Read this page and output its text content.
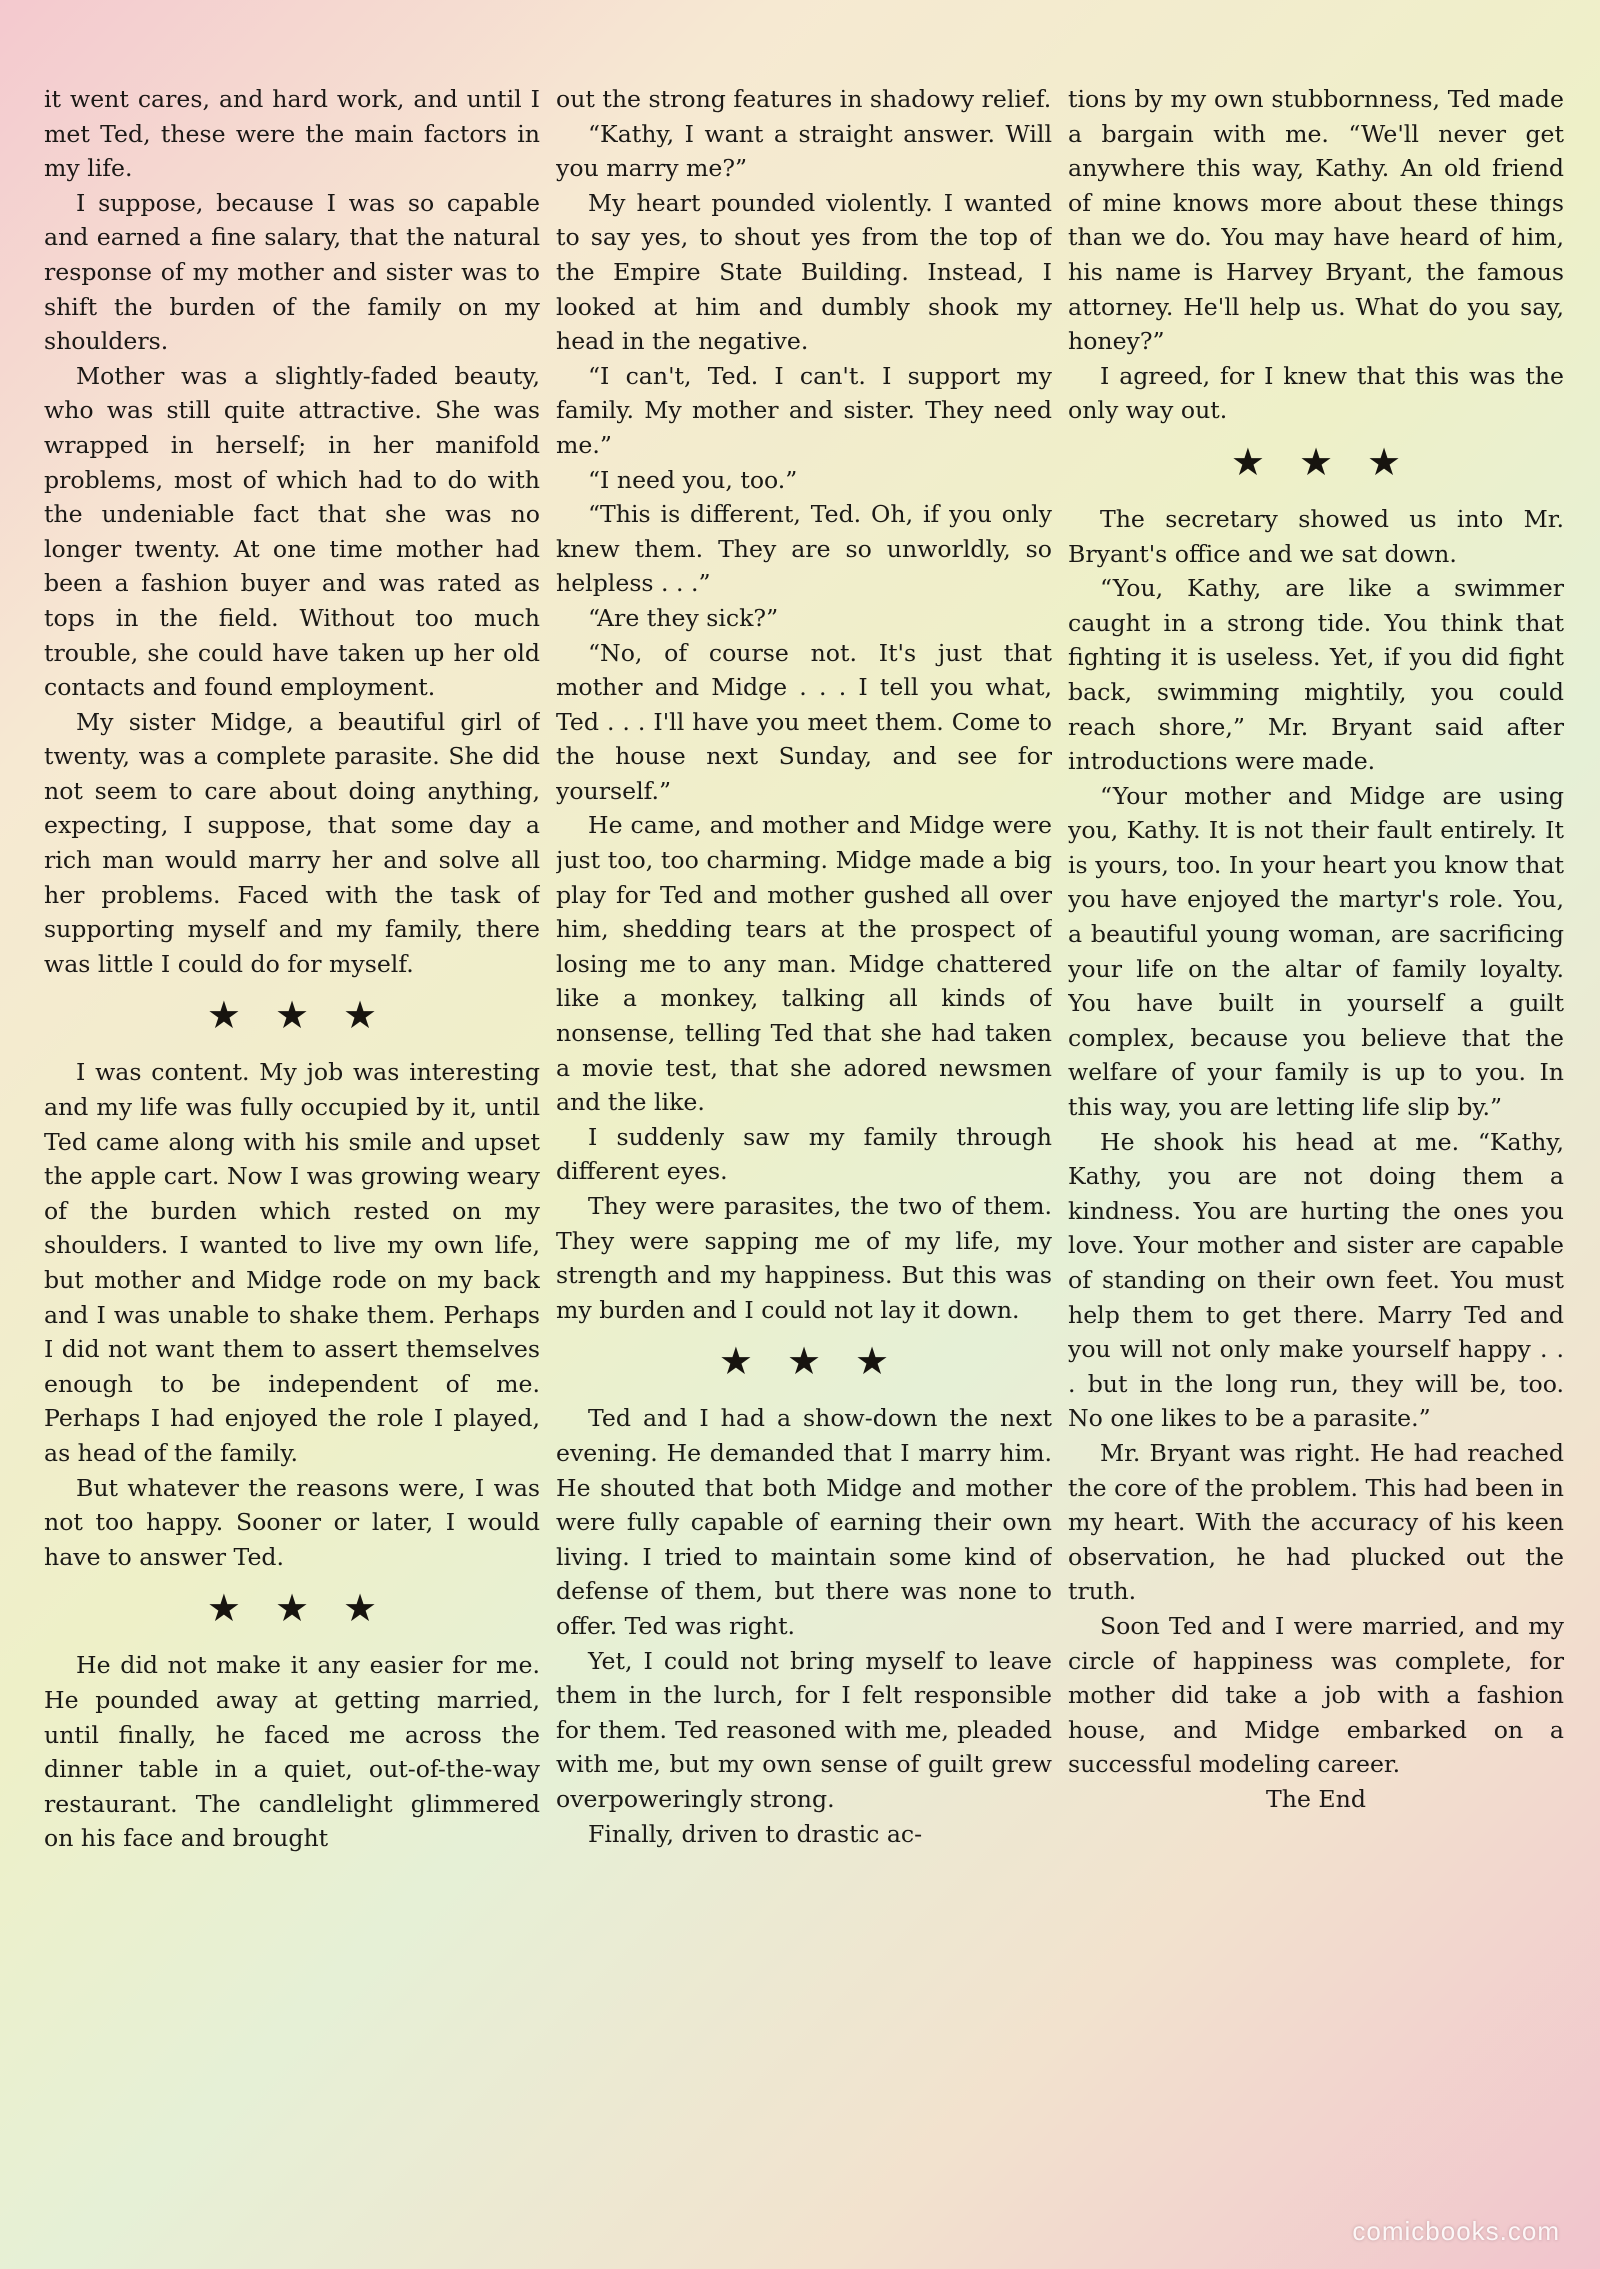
it went cares, and hard work, and until I met Ted, these were the main factors in my life.

I suppose, because I was so capable and earned a fine salary, that the natural response of my mother and sister was to shift the burden of the family on my shoulders.

Mother was a slightly-faded beauty, who was still quite attractive. She was wrapped in herself; in her manifold problems, most of which had to do with the undeniable fact that she was no longer twenty. At one time mother had been a fashion buyer and was rated as tops in the field. Without too much trouble, she could have taken up her old contacts and found employment.

My sister Midge, a beautiful girl of twenty, was a complete parasite. She did not seem to care about doing anything, expecting, I suppose, that some day a rich man would marry her and solve all her problems. Faced with the task of supporting myself and my family, there was little I could do for myself.

★ ★ ★

I was content. My job was interesting and my life was fully occupied by it, until Ted came along with his smile and upset the apple cart. Now I was growing weary of the burden which rested on my shoulders. I wanted to live my own life, but mother and Midge rode on my back and I was unable to shake them. Perhaps I did not want them to assert themselves enough to be independent of me. Perhaps I had enjoyed the role I played, as head of the family.

But whatever the reasons were, I was not too happy. Sooner or later, I would have to answer Ted.

★ ★ ★

He did not make it any easier for me. He pounded away at getting married, until finally, he faced me across the dinner table in a quiet, out-of-the-way restaurant. The candlelight glimmered on his face and brought

out the strong features in shadowy relief.

“Kathy, I want a straight answer. Will you marry me?”

My heart pounded violently. I wanted to say yes, to shout yes from the top of the Empire State Building. Instead, I looked at him and dumbly shook my head in the negative.

“I can't, Ted. I can't. I support my family. My mother and sister. They need me.”

“I need you, too.”

“This is different, Ted. Oh, if you only knew them. They are so unworldly, so helpless . . .”

“Are they sick?”

“No, of course not. It's just that mother and Midge . . . I tell you what, Ted . . . I'll have you meet them. Come to the house next Sunday, and see for yourself.”

He came, and mother and Midge were just too, too charming. Midge made a big play for Ted and mother gushed all over him, shedding tears at the prospect of losing me to any man. Midge chattered like a monkey, talking all kinds of nonsense, telling Ted that she had taken a movie test, that she adored newsmen and the like.

I suddenly saw my family through different eyes.

They were parasites, the two of them. They were sapping me of my life, my strength and my happiness. But this was my burden and I could not lay it down.

★ ★ ★

Ted and I had a show-down the next evening. He demanded that I marry him. He shouted that both Midge and mother were fully capable of earning their own living. I tried to maintain some kind of defense of them, but there was none to offer. Ted was right.

Yet, I could not bring myself to leave them in the lurch, for I felt responsible for them. Ted reasoned with me, pleaded with me, but my own sense of guilt grew overpoweringly strong.

Finally, driven to drastic ac-

tions by my own stubbornness, Ted made a bargain with me. “We'll never get anywhere this way, Kathy. An old friend of mine knows more about these things than we do. You may have heard of him, his name is Harvey Bryant, the famous attorney. He'll help us. What do you say, honey?”

I agreed, for I knew that this was the only way out.

★ ★ ★

The secretary showed us into Mr. Bryant's office and we sat down.

“You, Kathy, are like a swimmer caught in a strong tide. You think that fighting it is useless. Yet, if you did fight back, swimming mightily, you could reach shore,” Mr. Bryant said after introductions were made.

“Your mother and Midge are using you, Kathy. It is not their fault entirely. It is yours, too. In your heart you know that you have enjoyed the martyr's role. You, a beautiful young woman, are sacrificing your life on the altar of family loyalty. You have built in yourself a guilt complex, because you believe that the welfare of your family is up to you. In this way, you are letting life slip by.”

He shook his head at me. “Kathy, Kathy, you are not doing them a kindness. You are hurting the ones you love. Your mother and sister are capable of standing on their own feet. You must help them to get there. Marry Ted and you will not only make yourself happy . . . but in the long run, they will be, too. No one likes to be a parasite.”

Mr. Bryant was right. He had reached the core of the problem. This had been in my heart. With the accuracy of his keen observation, he had plucked out the truth.

Soon Ted and I were married, and my circle of happiness was complete, for mother did take a job with a fashion house, and Midge embarked on a successful modeling career.

The End

comicbooks.com
